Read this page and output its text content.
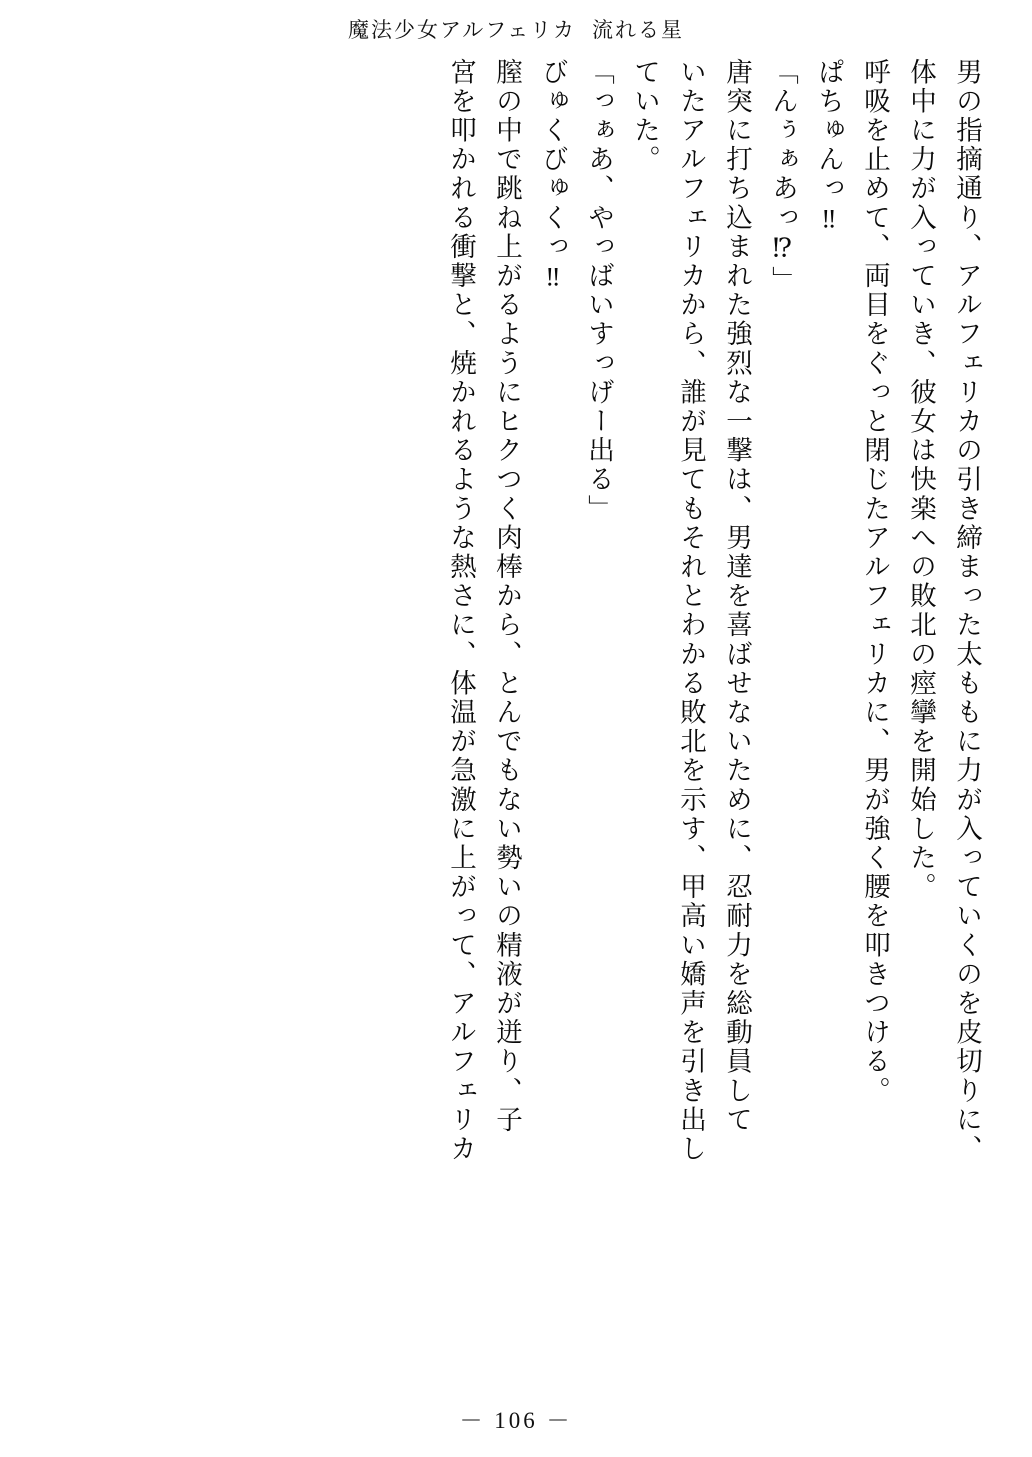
魔法少女アルフェリカ 流れる星
男の指摘通り、アルフェリカの引き締まった太ももに力が入っていくのを皮切りに、
体中に力が入っていき、彼女は快楽への敗北の痙攣を開始した。
呼吸を止めて、両目をぐっと閉じたアルフェリカに、男が強く腰を叩きつける。
ぱちゅんっ‼
「んぅぁあっ⁉」
唐突に打ち込まれた強烈な一撃は、男達を喜ばせないために、忍耐力を総動員して
いたアルフェリカから、誰が見てもそれとわかる敗北を示す、甲高い嬌声を引き出し
ていた。
「っぁあ、やっばいすっげー出る」
びゅくびゅくっ‼
膣の中で跳ね上がるようにヒクつく肉棒から、とんでもない勢いの精液が迸り、子
宮を叩かれる衝撃と、焼かれるような熱さに、体温が急激に上がって、アルフェリカ
－ 106 －
